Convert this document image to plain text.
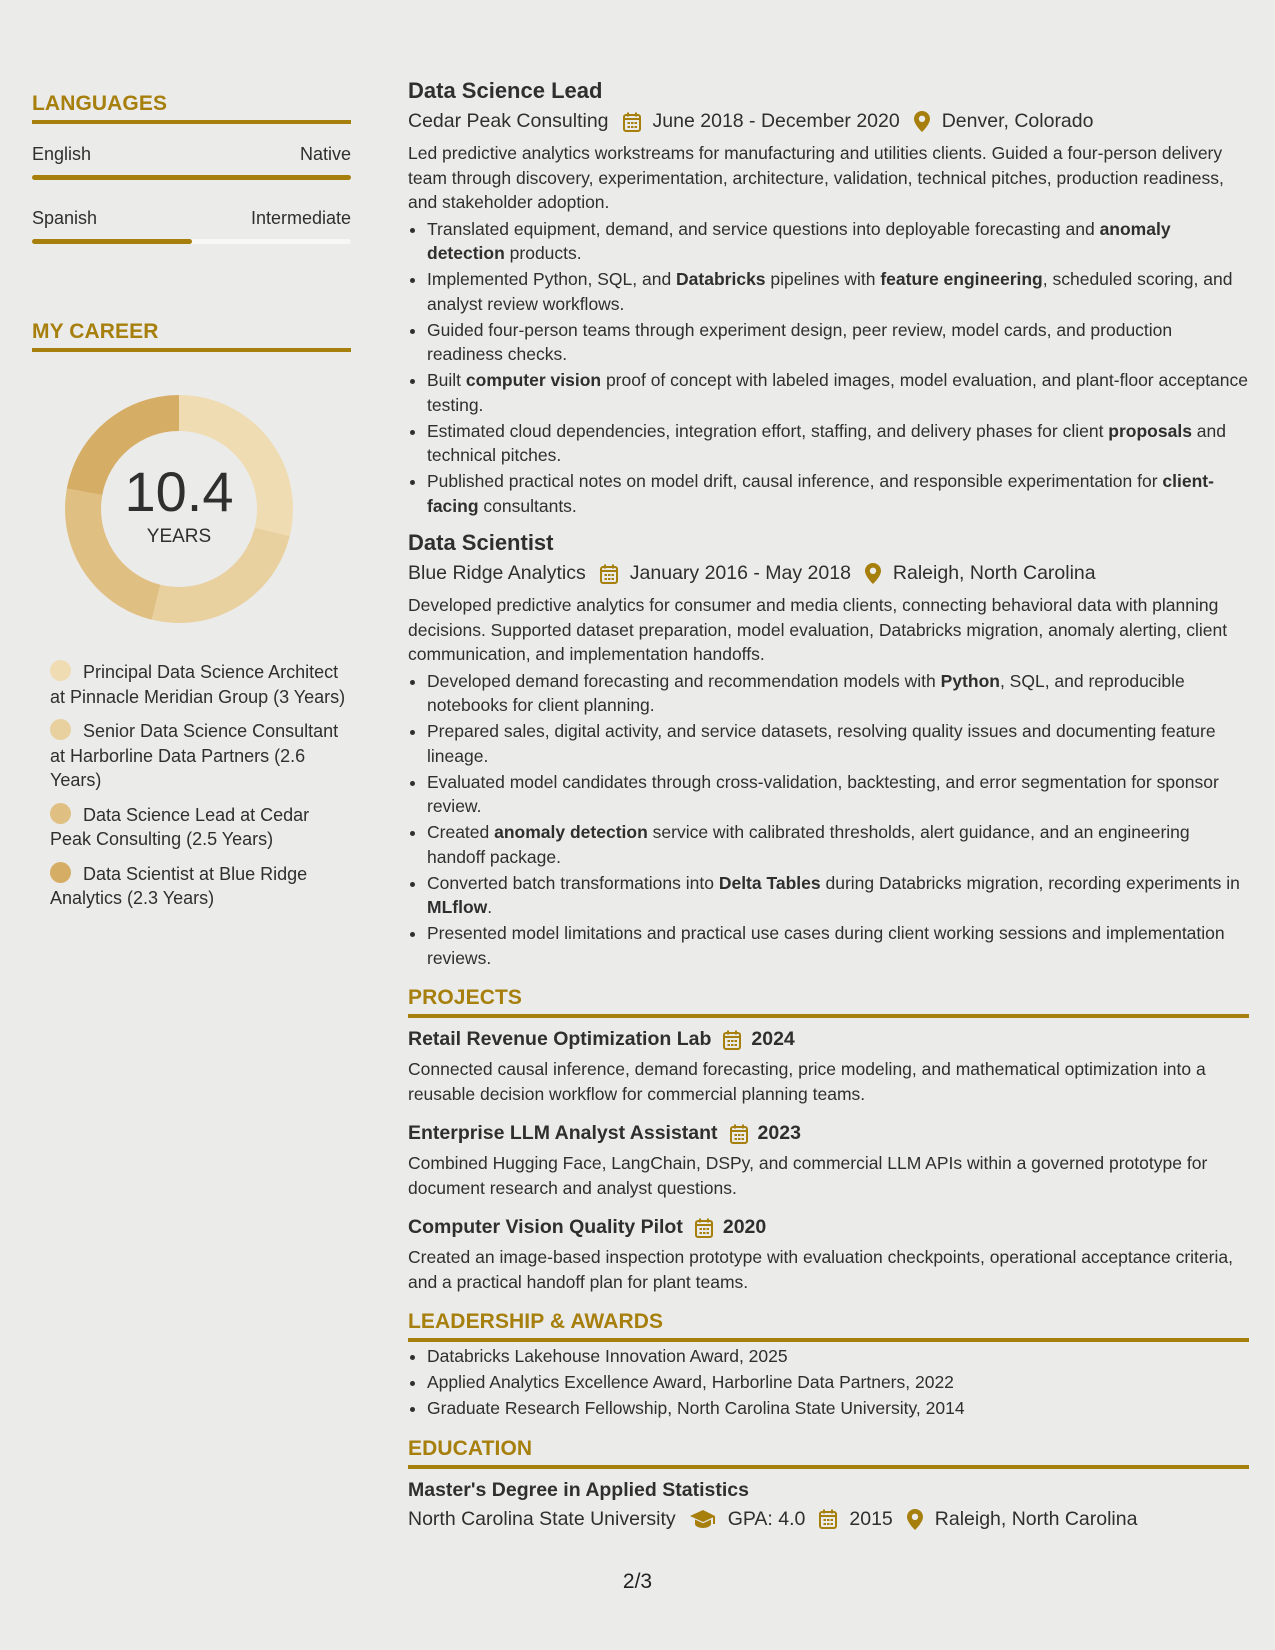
LANGUAGES
English	Native
Spanish	Intermediate
MY CAREER
10.4
YEARS
Principal Data Science Architect at Pinnacle Meridian Group (3 Years)
Senior Data Science Consultant at Harborline Data Partners (2.6 Years)
Data Science Lead at Cedar Peak Consulting (2.5 Years)
Data Scientist at Blue Ridge Analytics (2.3 Years)
Data Science Lead
Cedar Peak Consulting June 2018 - December 2020 Denver, Colorado

Led predictive analytics workstreams for manufacturing and utilities clients. Guided a four-person delivery team through discovery, experimentation, architecture, validation, technical pitches, production readiness, and stakeholder adoption.

• Translated equipment, demand, and service questions into deployable forecasting and anomaly detection products.
• Implemented Python, SQL, and Databricks pipelines with feature engineering, scheduled scoring, and analyst review workflows.
• Guided four-person teams through experiment design, peer review, model cards, and production readiness checks.
• Built computer vision proof of concept with labeled images, model evaluation, and plant-floor acceptance testing.
• Estimated cloud dependencies, integration effort, staffing, and delivery phases for client proposals and technical pitches.
• Published practical notes on model drift, causal inference, and responsible experimentation for client-facing consultants.
Data Scientist
Blue Ridge Analytics January 2016 - May 2018 Raleigh, North Carolina

Developed predictive analytics for consumer and media clients, connecting behavioral data with planning decisions. Supported dataset preparation, model evaluation, Databricks migration, anomaly alerting, client communication, and implementation handoffs.

• Developed demand forecasting and recommendation models with Python, SQL, and reproducible notebooks for client planning.
• Prepared sales, digital activity, and service datasets, resolving quality issues and documenting feature lineage.
• Evaluated model candidates through cross-validation, backtesting, and error segmentation for sponsor review.
• Created anomaly detection service with calibrated thresholds, alert guidance, and an engineering handoff package.
• Converted batch transformations into Delta Tables during Databricks migration, recording experiments in MLflow.
• Presented model limitations and practical use cases during client working sessions and implementation reviews.
PROJECTS
Retail Revenue Optimization Lab 2024

Connected causal inference, demand forecasting, price modeling, and mathematical optimization into a reusable decision workflow for commercial planning teams.

Enterprise LLM Analyst Assistant 2023

Combined Hugging Face, LangChain, DSPy, and commercial LLM APIs within a governed prototype for document research and analyst questions.

Computer Vision Quality Pilot 2020

Created an image-based inspection prototype with evaluation checkpoints, operational acceptance criteria, and a practical handoff plan for plant teams.

LEADERSHIP & AWARDS
• Databricks Lakehouse Innovation Award, 2025
• Applied Analytics Excellence Award, Harborline Data Partners, 2022
• Graduate Research Fellowship, North Carolina State University, 2014
EDUCATION
Master's Degree in Applied Statistics
North Carolina State University	GPA: 4.0 2015 Raleigh, North Carolina
2/3
